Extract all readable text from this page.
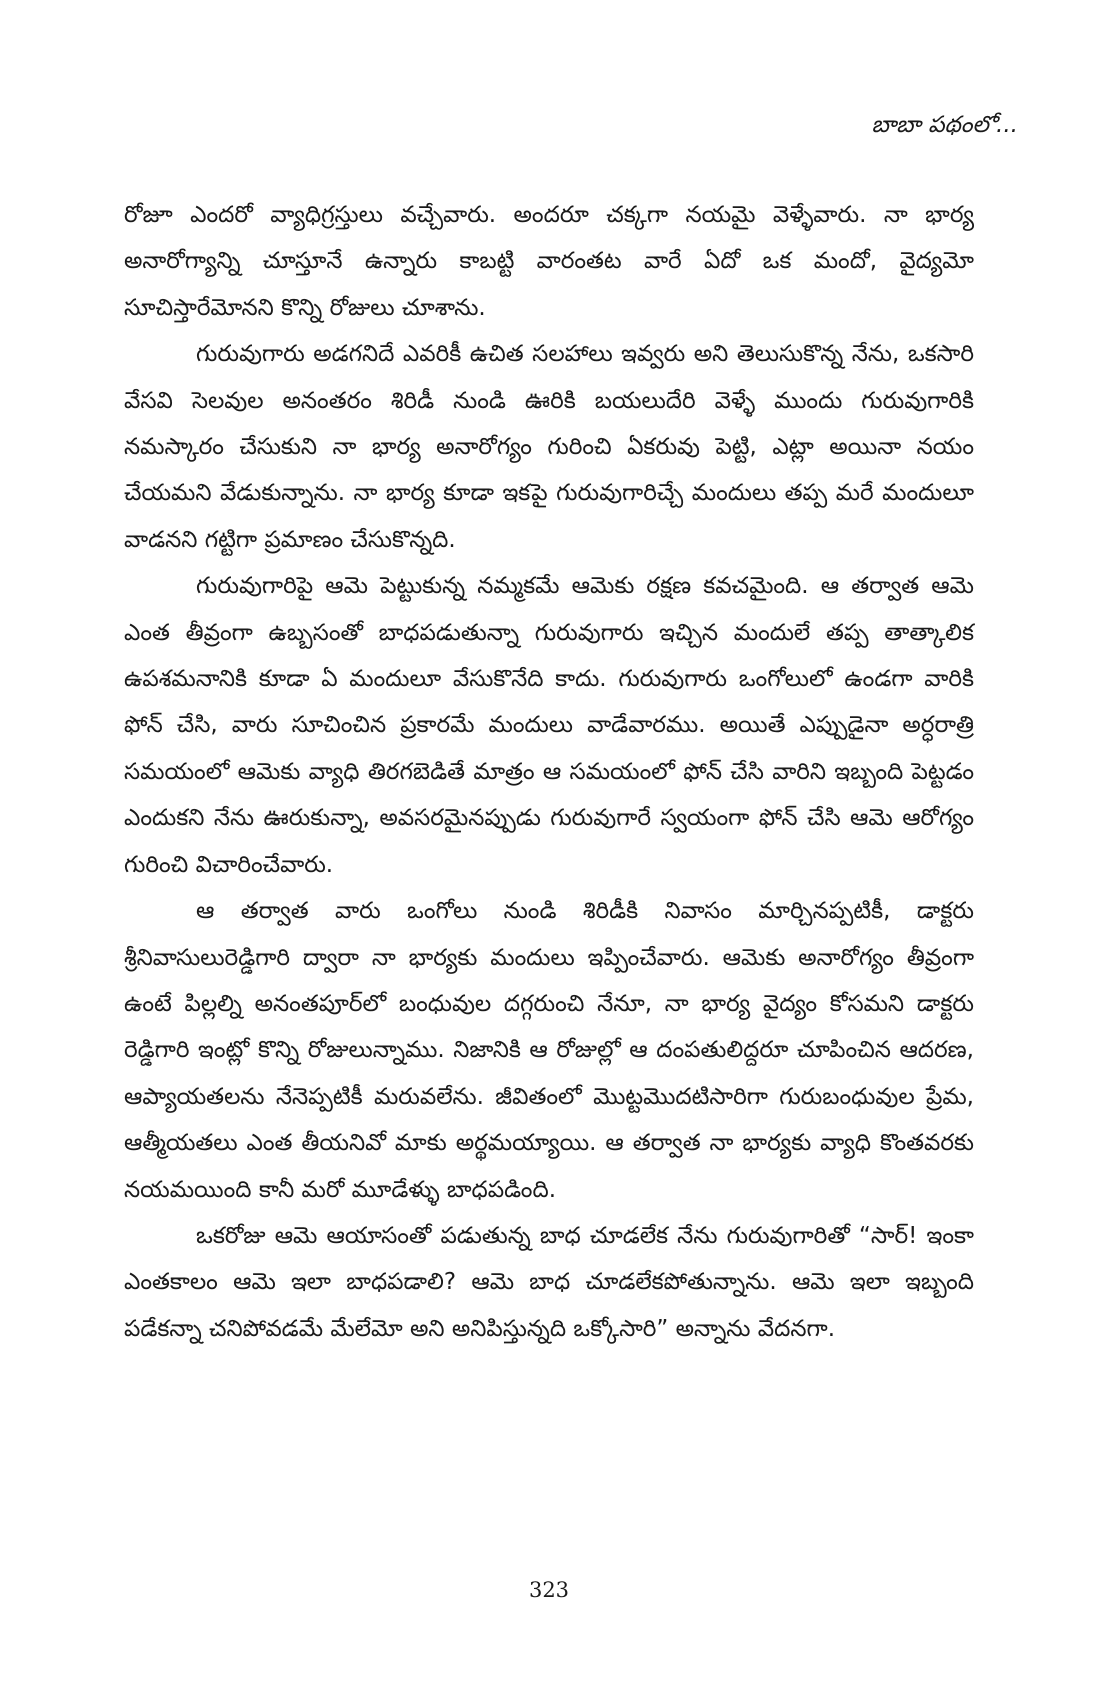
బాబా పథంలో...

రోజూ ఎందరో వ్యాధిగ్రస్తులు వచ్చేవారు. అందరూ చక్కగా నయమై వెళ్ళేవారు. నా భార్య అనారోగ్యాన్ని చూస్తూనే ఉన్నారు కాబట్టి వారంతట వారే ఏదో ఒక మందో, వైద్యమో సూచిస్తారేమోనని కొన్ని రోజులు చూశాను.

గురువుగారు అడగనిదే ఎవరికీ ఉచిత సలహాలు ఇవ్వరు అని తెలుసుకొన్న నేను, ఒకసారి వేసవి సెలవుల అనంతరం శిరిడీ నుండి ఊరికి బయలుదేరి వెళ్ళే ముందు గురువుగారికి నమస్కారం చేసుకుని నా భార్య అనారోగ్యం గురించి ఏకరువు పెట్టి, ఎట్లా అయినా నయం చేయమని వేడుకున్నాను. నా భార్య కూడా ఇకపై గురువుగారిచ్చే మందులు తప్ప మరే మందులూ వాడనని గట్టిగా ప్రమాణం చేసుకొన్నది.

గురువుగారిపై ఆమె పెట్టుకున్న నమ్మకమే ఆమెకు రక్షణ కవచమైంది. ఆ తర్వాత ఆమె ఎంత తీవ్రంగా ఉబ్బసంతో బాధపడుతున్నా గురువుగారు ఇచ్చిన మందులే తప్ప తాత్కాలిక ఉపశమనానికి కూడా ఏ మందులూ వేసుకొనేది కాదు. గురువుగారు ఒంగోలులో ఉండగా వారికి ఫోన్ చేసి, వారు సూచించిన ప్రకారమే మందులు వాడేవారము. అయితే ఎప్పుడైనా అర్ధరాత్రి సమయంలో ఆమెకు వ్యాధి తిరగబెడితే మాత్రం ఆ సమయంలో ఫోన్ చేసి వారిని ఇబ్బంది పెట్టడం ఎందుకని నేను ఊరుకున్నా, అవసరమైనప్పుడు గురువుగారే స్వయంగా ఫోన్ చేసి ఆమె ఆరోగ్యం గురించి విచారించేవారు.

ఆ తర్వాత వారు ఒంగోలు నుండి శిరిడీకి నివాసం మార్చినప్పటికీ, డాక్టరు శ్రీనివాసులురెడ్డిగారి ద్వారా నా భార్యకు మందులు ఇప్పించేవారు. ఆమెకు అనారోగ్యం తీవ్రంగా ఉంటే పిల్లల్ని అనంతపూర్‌లో బంధువుల దగ్గరుంచి నేనూ, నా భార్య వైద్యం కోసమని డాక్టరు రెడ్డిగారి ఇంట్లో కొన్ని రోజులున్నాము. నిజానికి ఆ రోజుల్లో ఆ దంపతులిద్దరూ చూపించిన ఆదరణ, ఆప్యాయతలను నేనెప్పటికీ మరువలేను. జీవితంలో మొట్టమొదటిసారిగా గురుబంధువుల ప్రేమ, ఆత్మీయతలు ఎంత తీయనివో మాకు అర్థమయ్యాయి. ఆ తర్వాత నా భార్యకు వ్యాధి కొంతవరకు నయమయింది కానీ మరో మూడేళ్ళు బాధపడింది.

ఒకరోజు ఆమె ఆయాసంతో పడుతున్న బాధ చూడలేక నేను గురువుగారితో “సార్! ఇంకా ఎంతకాలం ఆమె ఇలా బాధపడాలి? ఆమె బాధ చూడలేకపోతున్నాను. ఆమె ఇలా ఇబ్బంది పడేకన్నా చనిపోవడమే మేలేమో అని అనిపిస్తున్నది ఒక్కోసారి” అన్నాను వేదనగా.

323
